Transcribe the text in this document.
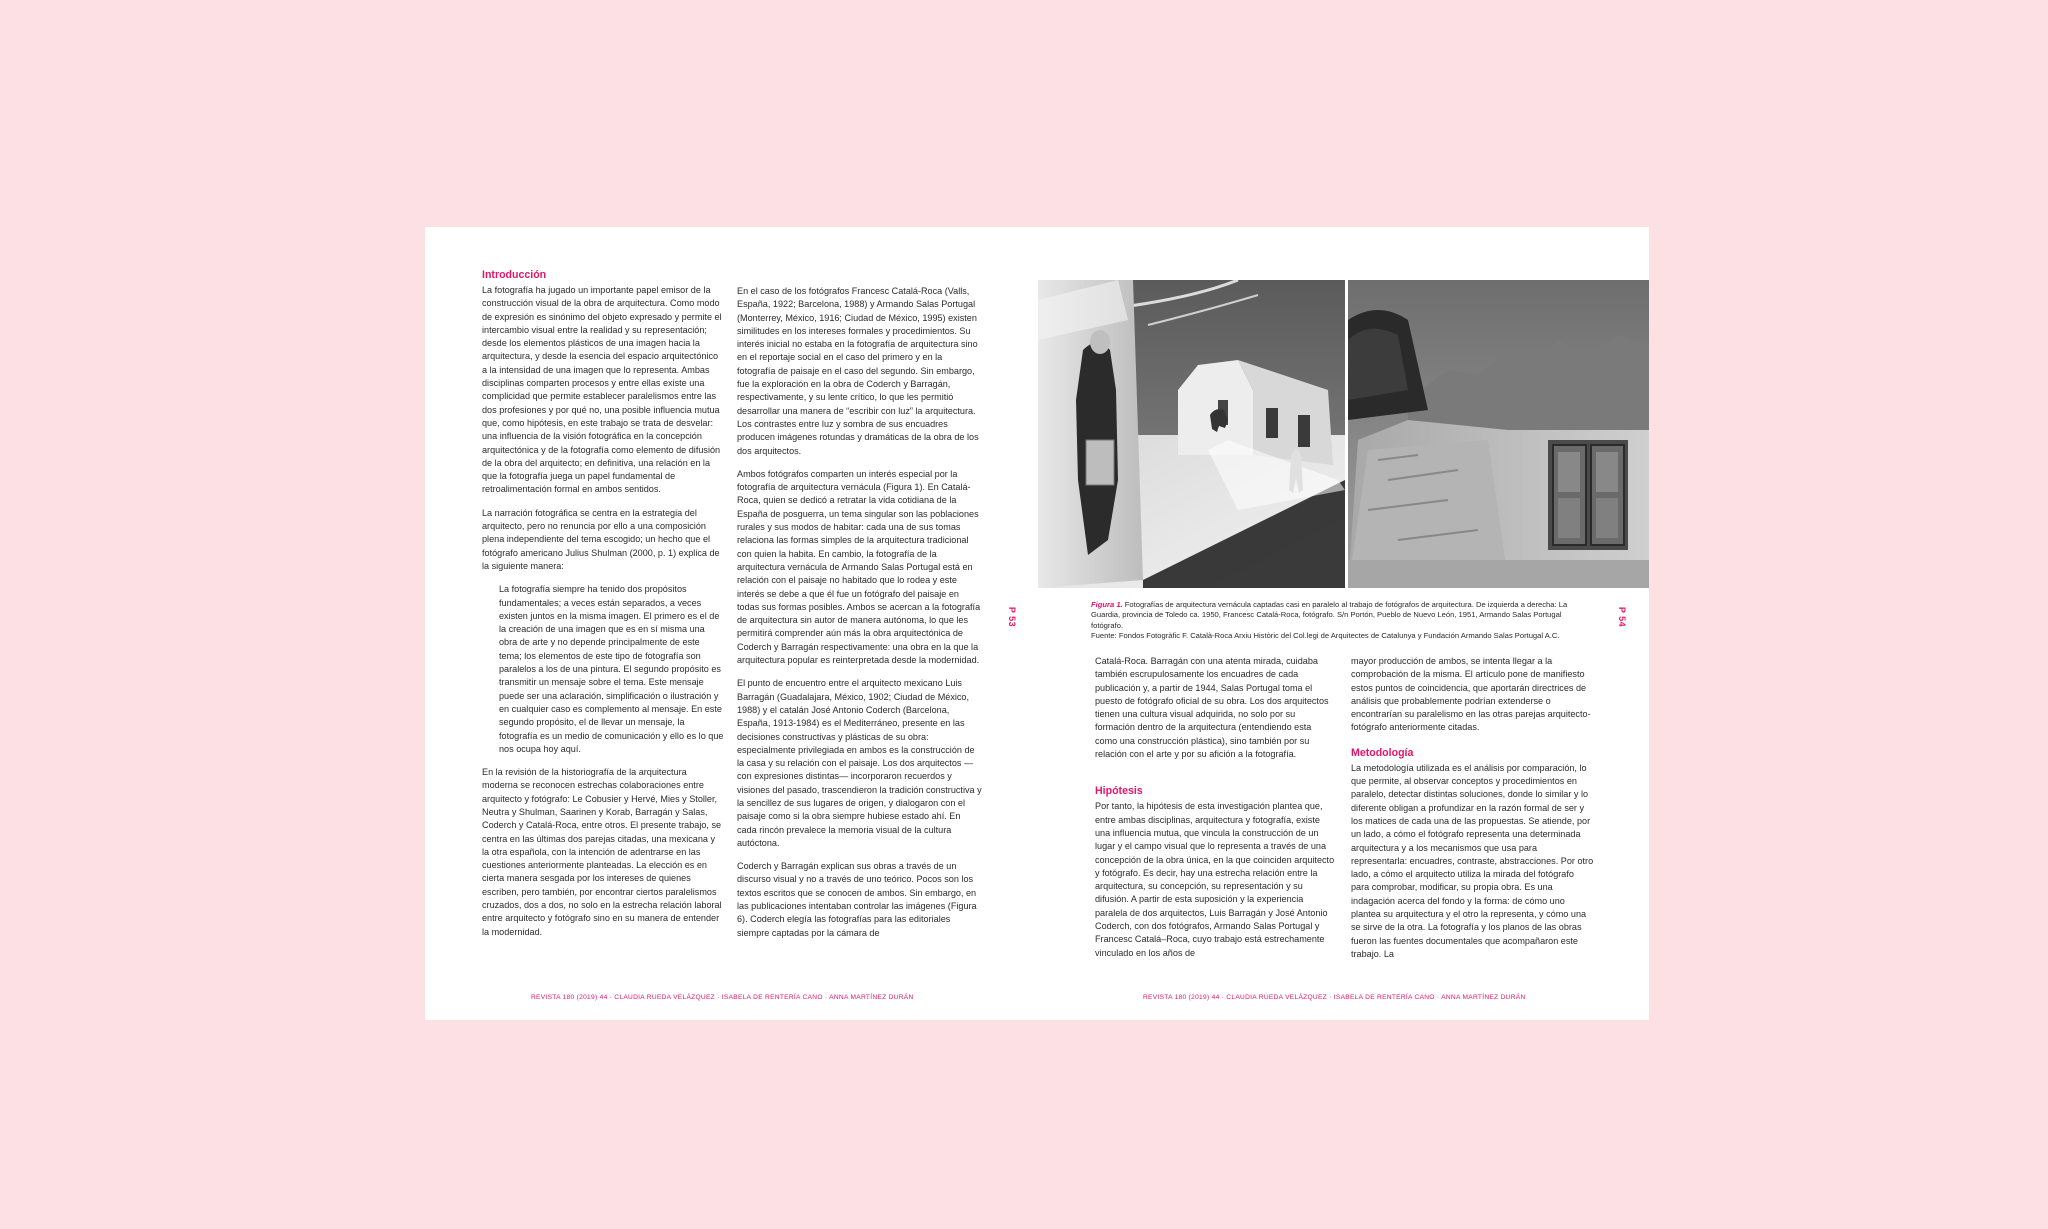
Introducción

La fotografía ha jugado un importante papel emisor de la construcción visual de la obra de arquitectura. Como modo de expresión es sinónimo del objeto expresado y permite el intercambio visual entre la realidad y su representación; desde los elementos plásticos de una imagen hacia la arquitectura, y desde la esencia del espacio arquitectónico a la intensidad de una imagen que lo representa. Ambas disciplinas comparten procesos y entre ellas existe una complicidad que permite establecer paralelismos entre las dos profesiones y por qué no, una posible influencia mutua que, como hipótesis, en este trabajo se trata de desvelar: una influencia de la visión fotográfica en la concepción arquitectónica y de la fotografía como elemento de difusión de la obra del arquitecto; en definitiva, una relación en la que la fotografía juega un papel fundamental de retroalimentación formal en ambos sentidos.

La narración fotográfica se centra en la estrategia del arquitecto, pero no renuncia por ello a una composición plena independiente del tema escogido; un hecho que el fotógrafo americano Julius Shulman (2000, p. 1) explica de la siguiente manera:

La fotografía siempre ha tenido dos propósitos fundamentales; a veces están separados, a veces existen juntos en la misma imagen. El primero es el de la creación de una imagen que es en sí misma una obra de arte y no depende principalmente de este tema; los elementos de este tipo de fotografía son paralelos a los de una pintura. El segundo propósito es transmitir un mensaje sobre el tema. Este mensaje puede ser una aclaración, simplificación o ilustración y en cualquier caso es complemento al mensaje. En este segundo propósito, el de llevar un mensaje, la fotografía es un medio de comunicación y ello es lo que nos ocupa hoy aquí.

En la revisión de la historiografía de la arquitectura moderna se reconocen estrechas colaboraciones entre arquitecto y fotógrafo: Le Cobusier y Hervé, Mies y Stoller, Neutra y Shulman, Saarinen y Korab, Barragán y Salas, Coderch y Catalá-Roca, entre otros. El presente trabajo, se centra en las últimas dos parejas citadas, una mexicana y la otra española, con la intención de adentrarse en las cuestiones anteriormente planteadas. La elección es en cierta manera sesgada por los intereses de quienes escriben, pero también, por encontrar ciertos paralelismos cruzados, dos a dos, no solo en la estrecha relación laboral entre arquitecto y fotógrafo sino en su manera de entender la modernidad.

En el caso de los fotógrafos Francesc Catalá-Roca (Valls, España, 1922; Barcelona, 1988) y Armando Salas Portugal (Monterrey, México, 1916; Ciudad de México, 1995) existen similitudes en los intereses formales y procedimientos. Su interés inicial no estaba en la fotografía de arquitectura sino en el reportaje social en el caso del primero y en la fotografía de paisaje en el caso del segundo. Sin embargo, fue la exploración en la obra de Coderch y Barragán, respectivamente, y su lente crítico, lo que les permitió desarrollar una manera de “escribir con luz” la arquitectura. Los contrastes entre luz y sombra de sus encuadres producen imágenes rotundas y dramáticas de la obra de los dos arquitectos.

Ambos fotógrafos comparten un interés especial por la fotografía de arquitectura vernácula (Figura 1). En Catalá-Roca, quien se dedicó a retratar la vida cotidiana de la España de posguerra, un tema singular son las poblaciones rurales y sus modos de habitar: cada una de sus tomas relaciona las formas simples de la arquitectura tradicional con quien la habita. En cambio, la fotografía de la arquitectura vernácula de Armando Salas Portugal está en relación con el paisaje no habitado que lo rodea y este interés se debe a que él fue un fotógrafo del paisaje en todas sus formas posibles. Ambos se acercan a la fotografía de arquitectura sin autor de manera autónoma, lo que les permitirá comprender aún más la obra arquitectónica de Coderch y Barragán respectivamente: una obra en la que la arquitectura popular es reinterpretada desde la modernidad.

El punto de encuentro entre el arquitecto mexicano Luis Barragán (Guadalajara, México, 1902; Ciudad de México, 1988) y el catalán José Antonio Coderch (Barcelona, España, 1913-1984) es el Mediterráneo, presente en las decisiones constructivas y plásticas de su obra: especialmente privilegiada en ambos es la construcción de la casa y su relación con el paisaje. Los dos arquitectos —con expresiones distintas— incorporaron recuerdos y visiones del pasado, trascendieron la tradición constructiva y la sencillez de sus lugares de origen, y dialogaron con el paisaje como si la obra siempre hubiese estado ahí. En cada rincón prevalece la memoria visual de la cultura autóctona.

Coderch y Barragán explican sus obras a través de un discurso visual y no a través de uno teórico. Pocos son los textos escritos que se conocen de ambos. Sin embargo, en las publicaciones intentaban controlar las imágenes (Figura 6). Coderch elegía las fotografías para las editoriales siempre captadas por la cámara de

P 53	P 54
REVISTA 180 (2019) 44 · CLAUDIA RUEDA VELÁZQUEZ · ISABELA DE RENTERÍA CANO · ANNA MARTÍNEZ DURÁN
Figura 1. Fotografías de arquitectura vernácula captadas casi en paralelo al trabajo de fotógrafos de arquitectura. De izquierda a derecha: La Guardia, provincia de Toledo ca. 1950, Francesc Catalá-Roca, fotógrafo. S/n Portón, Pueblo de Nuevo León, 1951, Armando Salas Portugal fotógrafo.
Fuente: Fondos Fotogràfic F. Català-Roca Arxiu Històric del Col.legi de Arquitectes de Catalunya y Fundación Armando Salas Portugal A.C.

Catalá-Roca. Barragán con una atenta mirada, cuidaba también escrupulosamente los encuadres de cada publicación y, a partir de 1944, Salas Portugal toma el puesto de fotógrafo oficial de su obra. Los dos arquitectos tienen una cultura visual adquirida, no solo por su formación dentro de la arquitectura (entendiendo esta como una construcción plástica), sino también por su relación con el arte y por su afición a la fotografía.

Hipótesis

Por tanto, la hipótesis de esta investigación plantea que, entre ambas disciplinas, arquitectura y fotografía, existe una influencia mutua, que vincula la construcción de un lugar y el campo visual que lo representa a través de una concepción de la obra única, en la que coinciden arquitecto y fotógrafo. Es decir, hay una estrecha relación entre la arquitectura, su concepción, su representación y su difusión. A partir de esta suposición y la experiencia paralela de dos arquitectos, Luis Barragán y José Antonio Coderch, con dos fotógrafos, Armando Salas Portugal y Francesc Catalá–Roca, cuyo trabajo está estrechamente vinculado en los años de

mayor producción de ambos, se intenta llegar a la comprobación de la misma. El artículo pone de manifiesto estos puntos de coincidencia, que aportarán directrices de análisis que probablemente podrían extenderse o encontrarían su paralelismo en las otras parejas arquitecto-fotógrafo anteriormente citadas.

Metodología

La metodología utilizada es el análisis por comparación, lo que permite, al observar conceptos y procedimientos en paralelo, detectar distintas soluciones, donde lo similar y lo diferente obligan a profundizar en la razón formal de ser y los matices de cada una de las propuestas. Se atiende, por un lado, a cómo el fotógrafo representa una determinada arquitectura y a los mecanismos que usa para representarla: encuadres, contraste, abstracciones. Por otro lado, a cómo el arquitecto utiliza la mirada del fotógrafo para comprobar, modificar, su propia obra. Es una indagación acerca del fondo y la forma: de cómo uno plantea su arquitectura y el otro la representa, y cómo una se sirve de la otra. La fotografía y los planos de las obras fueron las fuentes documentales que acompañaron este trabajo. La

REVISTA 180 (2019) 44 · CLAUDIA RUEDA VELÁZQUEZ · ISABELA DE RENTERÍA CANO · ANNA MARTÍNEZ DURÁN
